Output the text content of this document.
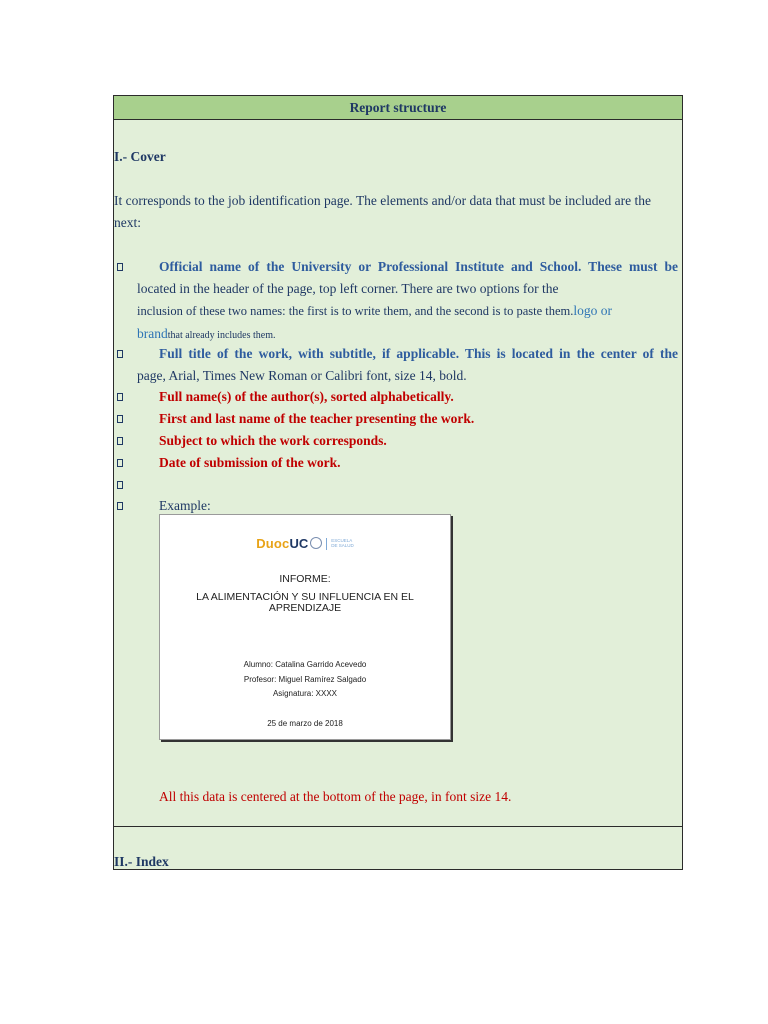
Report structure
I.- Cover
It corresponds to the job identification page. The elements and/or data that must be included are the
next:
Official name of the University or Professional Institute and School. These must be
located in the header of the page, top left corner. There are two options for the
inclusion of these two names: the first is to write them, and the second is to paste them.logo or
brandthat already includes them.
Full title of the work, with subtitle, if applicable. This is located in the center of the
page, Arial, Times New Roman or Calibri font, size 14, bold.
Full name(s) of the author(s), sorted alphabetically.
First and last name of the teacher presenting the work.
Subject to which the work corresponds.
Date of submission of the work.
Example:
DuocUC	ESCUELA
DE SALUD
INFORME:
LA ALIMENTACIÓN Y SU INFLUENCIA EN EL
APRENDIZAJE
Alumno: Catalina Garrido Acevedo
Profesor: Miguel Ramírez Salgado
Asignatura: XXXX
25 de marzo de 2018
All this data is centered at the bottom of the page, in font size 14.
II.- Index
